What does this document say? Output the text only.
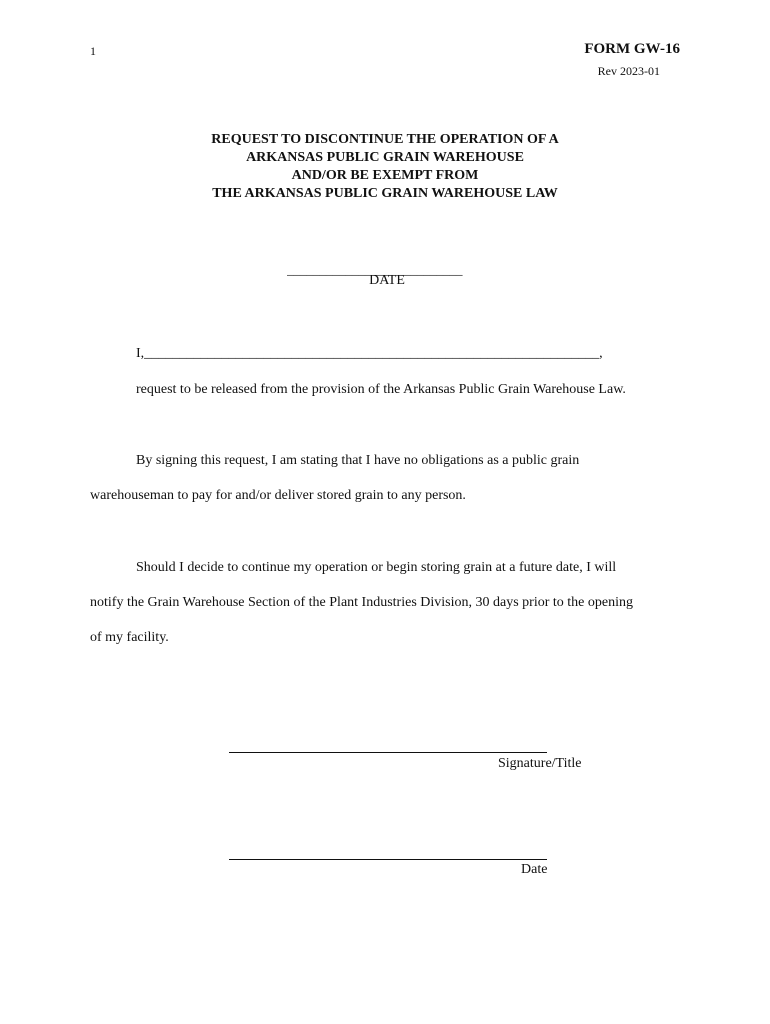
1	FORM GW-16
Rev 2023-01
REQUEST TO DISCONTINUE THE OPERATION OF A
ARKANSAS PUBLIC GRAIN WAREHOUSE
AND/OR BE EXEMPT FROM
THE ARKANSAS PUBLIC GRAIN WAREHOUSE LAW
___________________________
DATE
I,_________________________________________________________________,
request to be released from the provision of the Arkansas Public Grain Warehouse Law.
By signing this request, I am stating that I have no obligations as a public grain
warehouseman to pay for and/or deliver stored grain to any person.
Should I decide to continue my operation or begin storing grain at a future date, I will
notify the Grain Warehouse Section of the Plant Industries Division, 30 days prior to the opening
of my facility.
Signature/Title
Date
